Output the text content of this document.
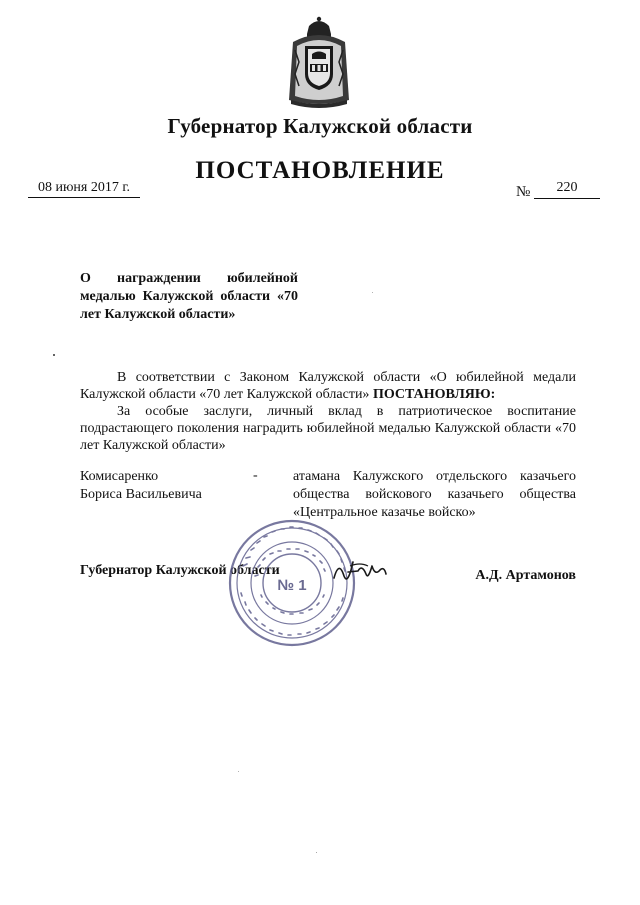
Губернатор Калужской области
ПОСТАНОВЛЕНИЕ
08 июня 2017 г.	№	220
О награждении юбилейной медалью Калужской области «70 лет Калужской области»
В соответствии с Законом Калужской области «О юбилейной медали Калужской области «70 лет Калужской области» ПОСТАНОВЛЯЮ:
За особые заслуги, личный вклад в патриотическое воспитание подрастающего поколения наградить юбилейной медалью Калужской области «70 лет Калужской области»
Комисаренко
Бориса Васильевича
-	атамана Калужского отдельского казачьего общества войскового казачьего общества «Центральное казачье войско»
Губернатор Калужской области	А.Д. Артамонов
№ 1
